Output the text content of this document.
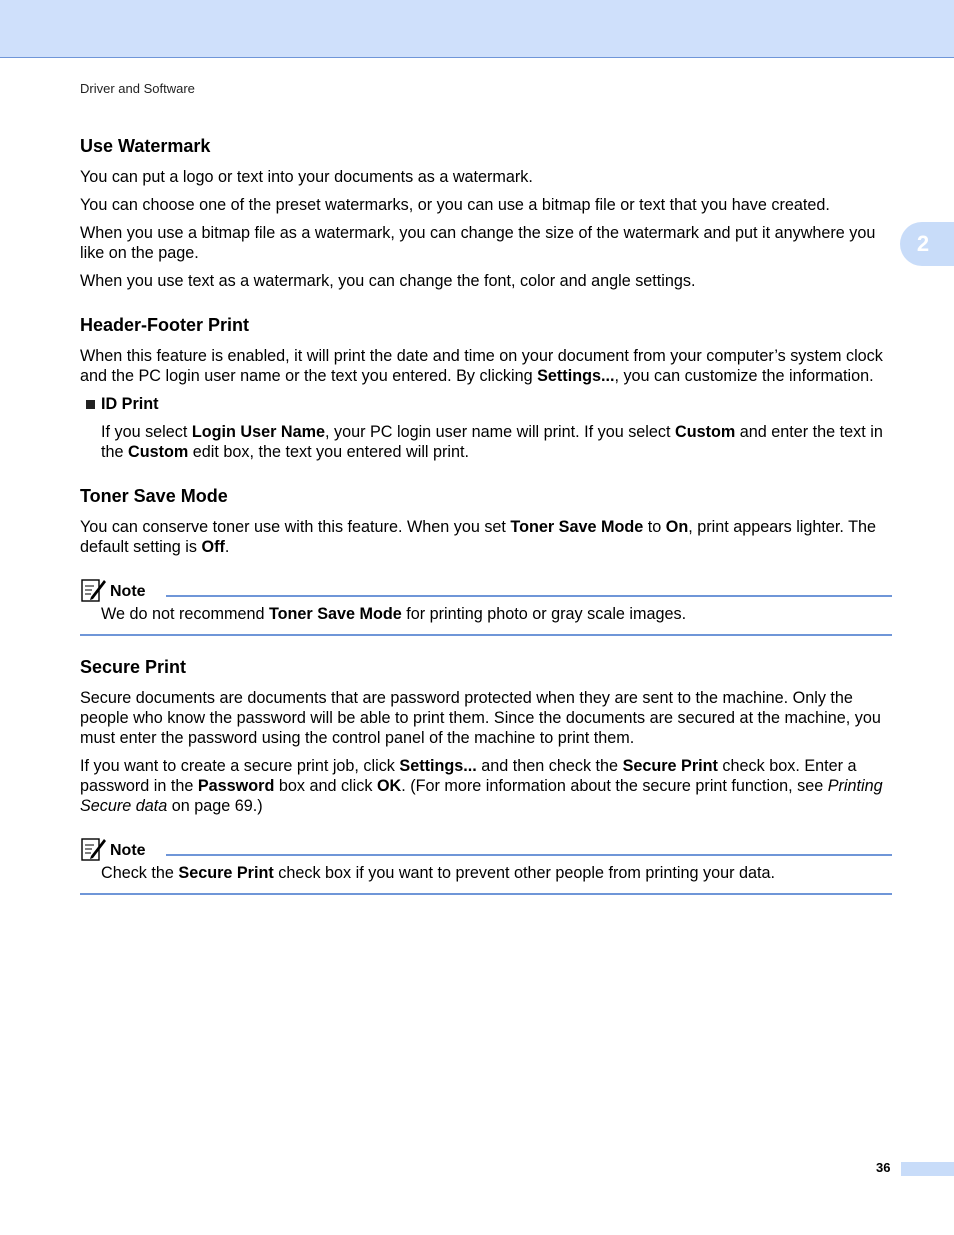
Driver and Software
2
Use Watermark

You can put a logo or text into your documents as a watermark.

You can choose one of the preset watermarks, or you can use a bitmap file or text that you have created.

When you use a bitmap file as a watermark, you can change the size of the watermark and put it anywhere you like on the page.

When you use text as a watermark, you can change the font, color and angle settings.

Header-Footer Print

When this feature is enabled, it will print the date and time on your document from your computer’s system clock and the PC login user name or the text you entered. By clicking Settings..., you can customize the information.

ID Print

If you select Login User Name, your PC login user name will print. If you select Custom and enter the text in the Custom edit box, the text you entered will print.

Toner Save Mode

You can conserve toner use with this feature. When you set Toner Save Mode to On, print appears lighter. The default setting is Off.

Note
We do not recommend Toner Save Mode for printing photo or gray scale images.
Secure Print

Secure documents are documents that are password protected when they are sent to the machine. Only the people who know the password will be able to print them. Since the documents are secured at the machine, you must enter the password using the control panel of the machine to print them.

If you want to create a secure print job, click Settings... and then check the Secure Print check box. Enter a password in the Password box and click OK. (For more information about the secure print function, see Printing Secure data on page 69.)

Note
Check the Secure Print check box if you want to prevent other people from printing your data.
36
